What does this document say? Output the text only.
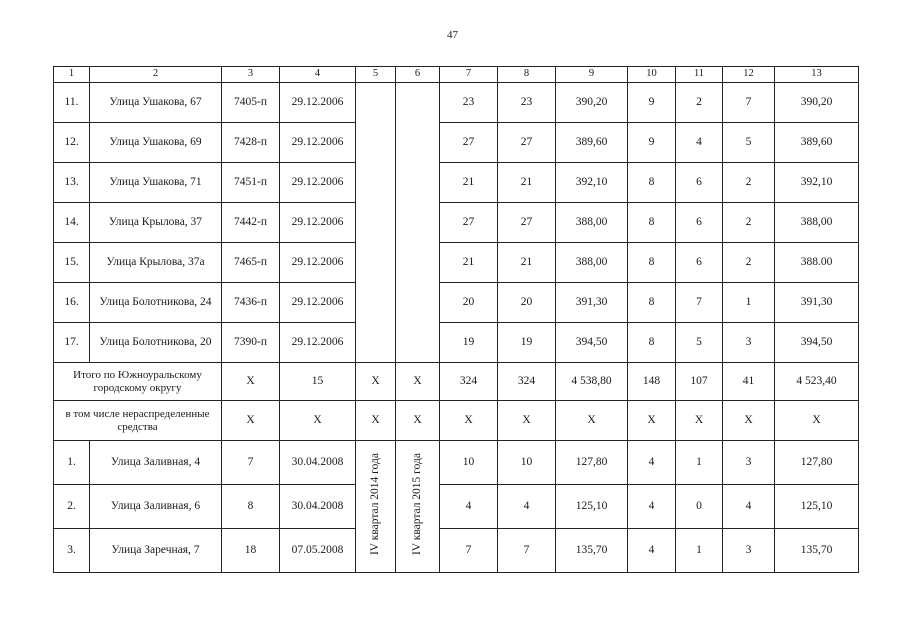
47
1	2	3	4	5	6	7	8	9	10	11	12	13
11.	Улица Ушакова, 67	7405-п	29.12.2006			23	23	390,20	9	2	7	390,20
12.	Улица Ушакова, 69	7428-п	29.12.2006			27	27	389,60	9	4	5	389,60
13.	Улица Ушакова, 71	7451-п	29.12.2006			21	21	392,10	8	6	2	392,10
14.	Улица Крылова, 37	7442-п	29.12.2006			27	27	388,00	8	6	2	388,00
15.	Улица Крылова, 37а	7465-п	29.12.2006			21	21	388,00	8	6	2	388.00
16.	Улица Болотникова, 24	7436-п	29.12.2006			20	20	391,30	8	7	1	391,30
17.	Улица Болотникова, 20	7390-п	29.12.2006			19	19	394,50	8	5	3	394,50
Итого по Южноуральскому городскому округу		Х	15	Х	Х	324	324	4 538,80	148	107	41	4 523,40
в том числе нераспределенные средства		Х	Х	Х	Х	Х	Х	Х	Х	Х	Х	Х
1.	Улица Заливная, 4	7	30.04.2008	IV квартал 2014 года	IV квартал 2015 года	10	10	127,80	4	1	3	127,80
2.	Улица Заливная, 6	8	30.04.2008			4	4	125,10	4	0	4	125,10
3.	Улица Заречная, 7	18	07.05.2008			7	7	135,70	4	1	3	135,70
